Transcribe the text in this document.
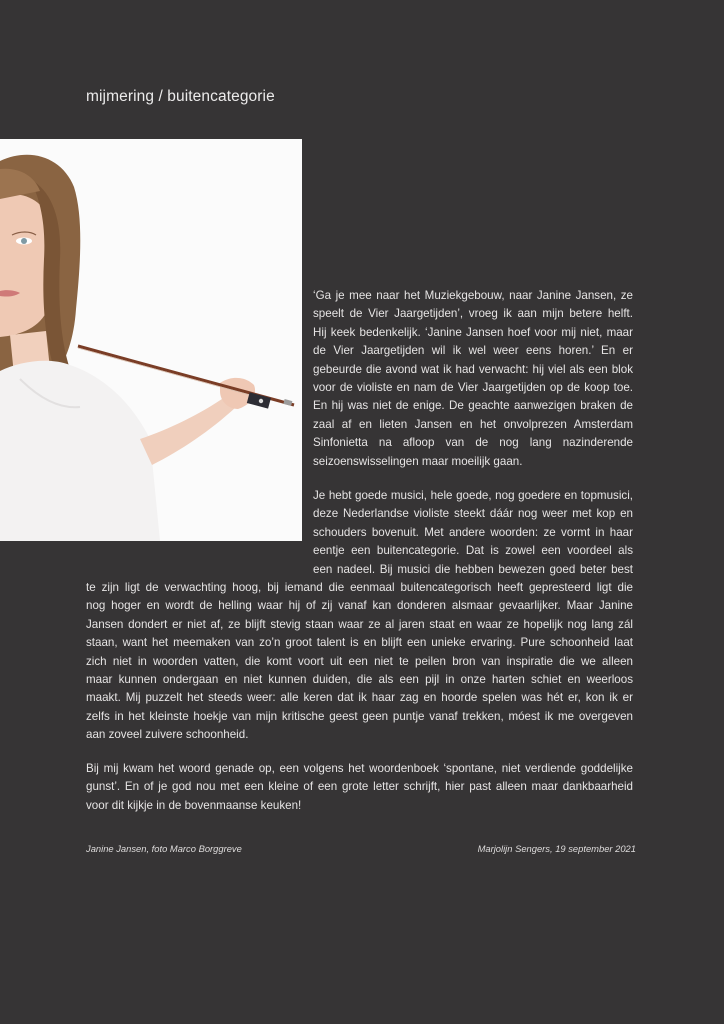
mijmering / buitencategorie
‘Ga je mee naar het Muziekgebouw, naar Janine Jansen, ze
speelt de Vier Jaargetijden’, vroeg ik aan mijn betere helft.
Hij keek bedenkelijk. ‘Janine Jansen hoef voor mij niet, maar
de Vier Jaargetijden wil ik wel weer eens horen.’ En er
gebeurde die avond wat ik had verwacht: hij viel als een blok
voor de violiste en nam de Vier Jaargetijden op de koop toe.
En hij was niet de enige. De geachte aanwezigen braken de
zaal af en lieten Jansen en het onvolprezen Amsterdam
Sinfonietta na afloop van de nog lang nazinderende
seizoenswisselingen maar moeilijk gaan.
Je hebt goede musici, hele goede, nog goedere en topmusici,
deze Nederlandse violiste steekt dáár nog weer met kop en
schouders bovenuit. Met andere woorden: ze vormt in haar
eentje een buitencategorie. Dat is zowel een voordeel als
een nadeel. Bij musici die hebben bewezen goed beter best
te zijn ligt de verwachting hoog, bij iemand die eenmaal buitencategorisch heeft gepresteerd ligt die
nog hoger en wordt de helling waar hij of zij vanaf kan donderen alsmaar gevaarlijker. Maar Janine
Jansen dondert er niet af, ze blijft stevig staan waar ze al jaren staat en waar ze hopelijk nog lang zál
staan, want het meemaken van zo’n groot talent is en blijft een unieke ervaring. Pure schoonheid laat
zich niet in woorden vatten, die komt voort uit een niet te peilen bron van inspiratie die we alleen
maar kunnen ondergaan en niet kunnen duiden, die als een pijl in onze harten schiet en weerloos
maakt. Mij puzzelt het steeds weer: alle keren dat ik haar zag en hoorde spelen was hét er, kon ik er
zelfs in het kleinste hoekje van mijn kritische geest geen puntje vanaf trekken, móest ik me overgeven
aan zoveel zuivere schoonheid.
Bij mij kwam het woord genade op, een volgens het woordenboek ‘spontane, niet verdiende goddelijke
gunst’. En of je god nou met een kleine of een grote letter schrijft, hier past alleen maar dankbaarheid
voor dit kijkje in de bovenmaanse keuken!
Janine Jansen, foto Marco Borggreve	Marjolijn Sengers, 19 september 2021
